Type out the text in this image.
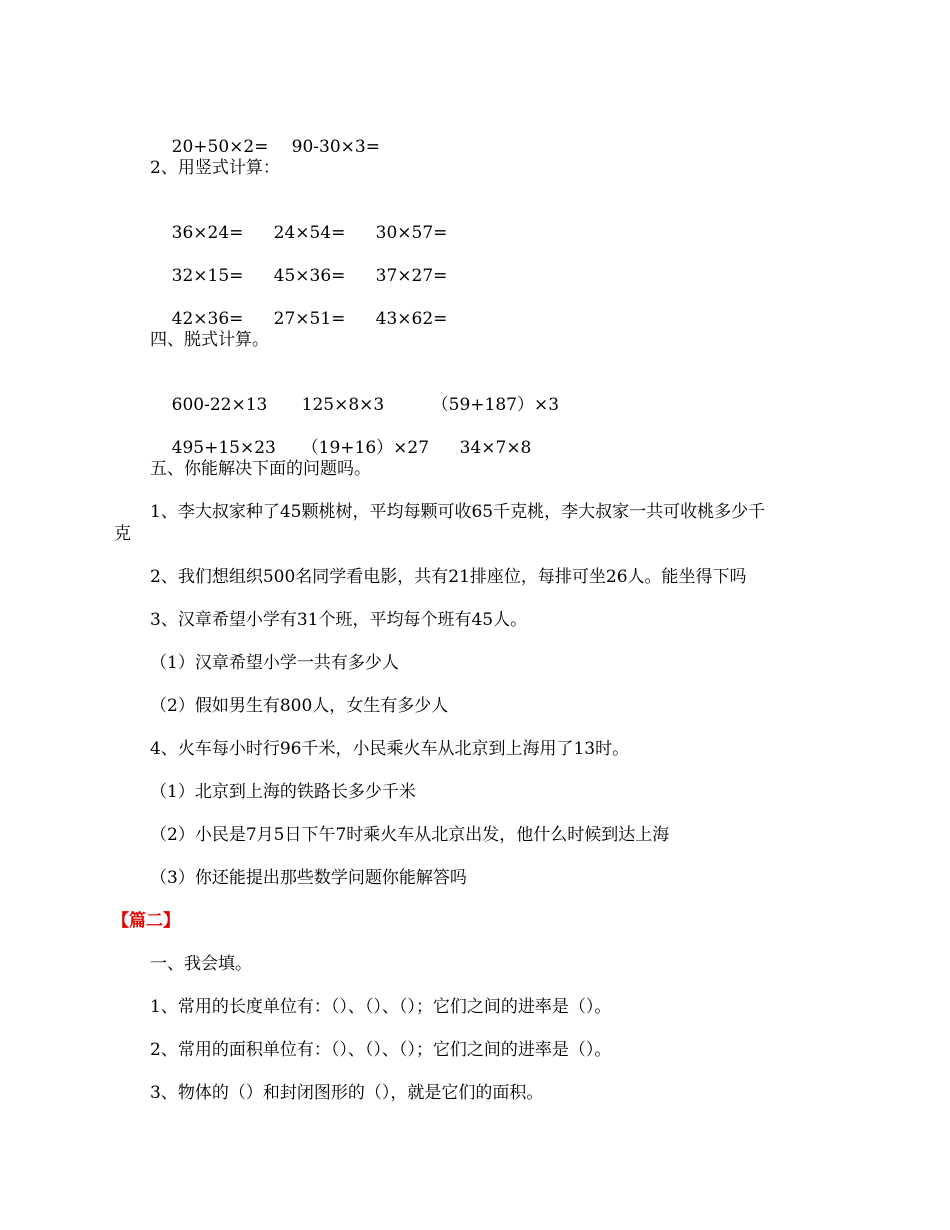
20+50×2= 90-30×3=

2、用竖式计算：

36×24= 24×54= 30×57=

32×15= 45×36= 37×27=

42×36= 27×51= 43×62=

四、脱式计算。

600-22×13 125×8×3	（59+187）×3

495+15×23 （19+16）×27 34×7×8

五、你能解决下面的问题吗。
1、李大叔家种了45颗桃树，平均每颗可收65千克桃，李大叔家一共可收桃多少千
克
2、我们想组织500名同学看电影，共有21排座位，每排可坐26人。能坐得下吗
3、汉章希望小学有31个班，平均每个班有45人。
（1）汉章希望小学一共有多少人
（2）假如男生有800人，女生有多少人
4、火车每小时行96千米，小民乘火车从北京到上海用了13时。
（1）北京到上海的铁路长多少千米
（2）小民是7月5日下午7时乘火车从北京出发，他什么时候到达上海
（3）你还能提出那些数学问题你能解答吗
【篇二】
一、我会填。
1、常用的长度单位有：（）、（）、（）；它们之间的进率是（）。
2、常用的面积单位有：（）、（）、（）；它们之间的进率是（）。
3、物体的（）和封闭图形的（），就是它们的面积。
